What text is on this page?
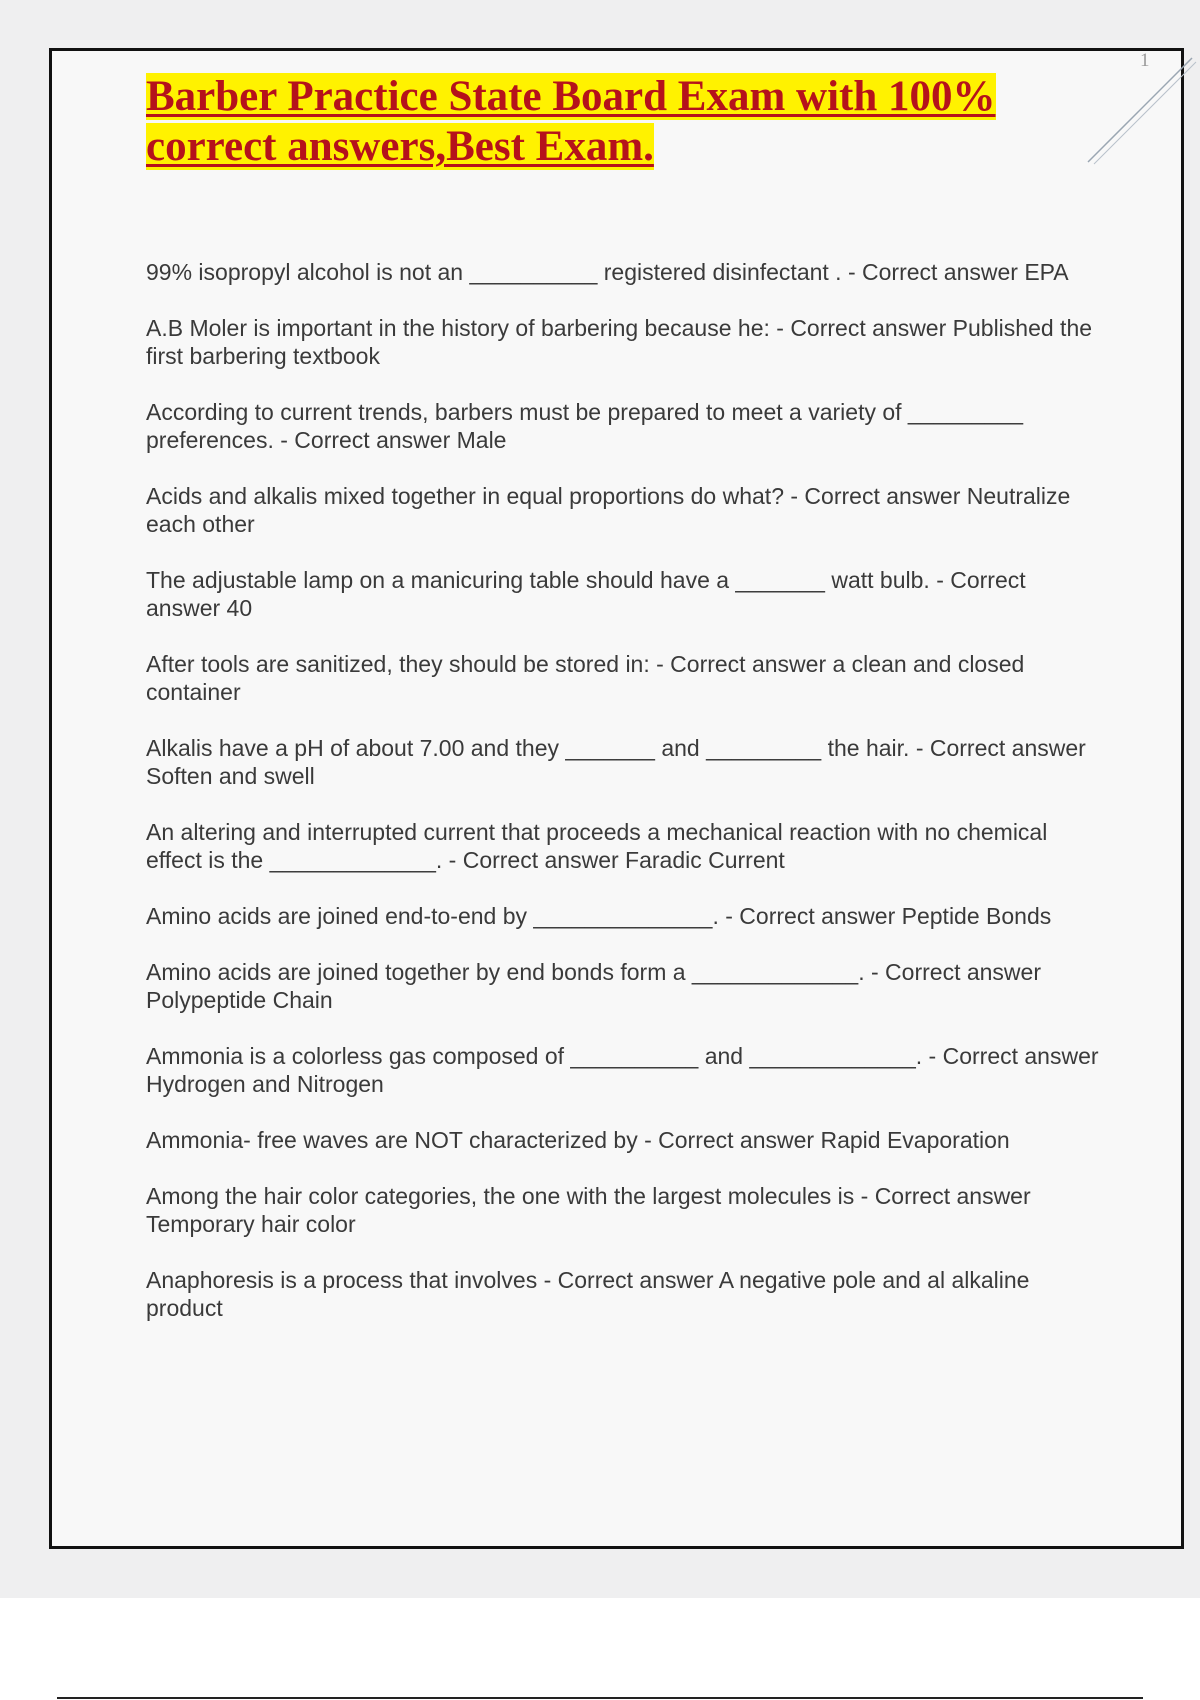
1
Barber Practice State Board Exam with 100% correct answers,Best Exam.
99% isopropyl alcohol is not an __________ registered disinfectant . - Correct answer EPA
A.B Moler is important in the history of barbering because he: - Correct answer Published the first barbering textbook
According to current trends, barbers must be prepared to meet a variety of _________ preferences. - Correct answer Male
Acids and alkalis mixed together in equal proportions do what? - Correct answer Neutralize each other
The adjustable lamp on a manicuring table should have a _______ watt bulb. - Correct answer 40
After tools are sanitized, they should be stored in: - Correct answer a clean and closed container
Alkalis have a pH of about 7.00 and they _______ and _________ the hair. - Correct answer Soften and swell
An altering and interrupted current that proceeds a mechanical reaction with no chemical effect is the _____________. - Correct answer Faradic Current
Amino acids are joined end-to-end by ______________. - Correct answer Peptide Bonds
Amino acids are joined together by end bonds form a _____________. - Correct answer Polypeptide Chain
Ammonia is a colorless gas composed of __________ and _____________. - Correct answer Hydrogen and Nitrogen
Ammonia- free waves are NOT characterized by - Correct answer Rapid Evaporation
Among the hair color categories, the one with the largest molecules is - Correct answer Temporary hair color
Anaphoresis is a process that involves - Correct answer A negative pole and al alkaline product
